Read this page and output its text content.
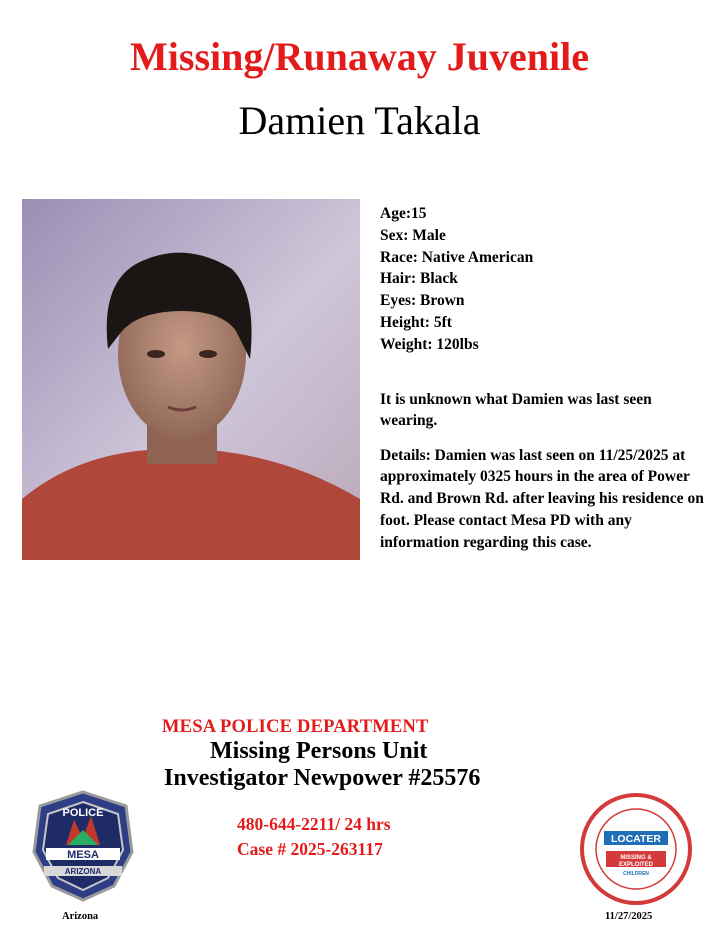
Missing/Runaway Juvenile
Damien Takala
Age:15
Sex: Male
Race: Native American
Hair: Black
Eyes: Brown
Height: 5ft
Weight: 120lbs

It is unknown what Damien was last seen wearing.

Details: Damien was last seen on 11/25/2025 at approximately 0325 hours in the area of Power Rd. and Brown Rd. after leaving his residence on foot. Please contact Mesa PD with any information regarding this case.

MESA POLICE DEPARTMENT
Missing Persons Unit
Investigator Newpower #25576
480-644-2211/ 24 hrs
Case # 2025-263117
POLICE
MESA
ARIZONA
Arizona
LOCATER
MISSING &
EXPLOITED
CHILDREN
11/27/2025
